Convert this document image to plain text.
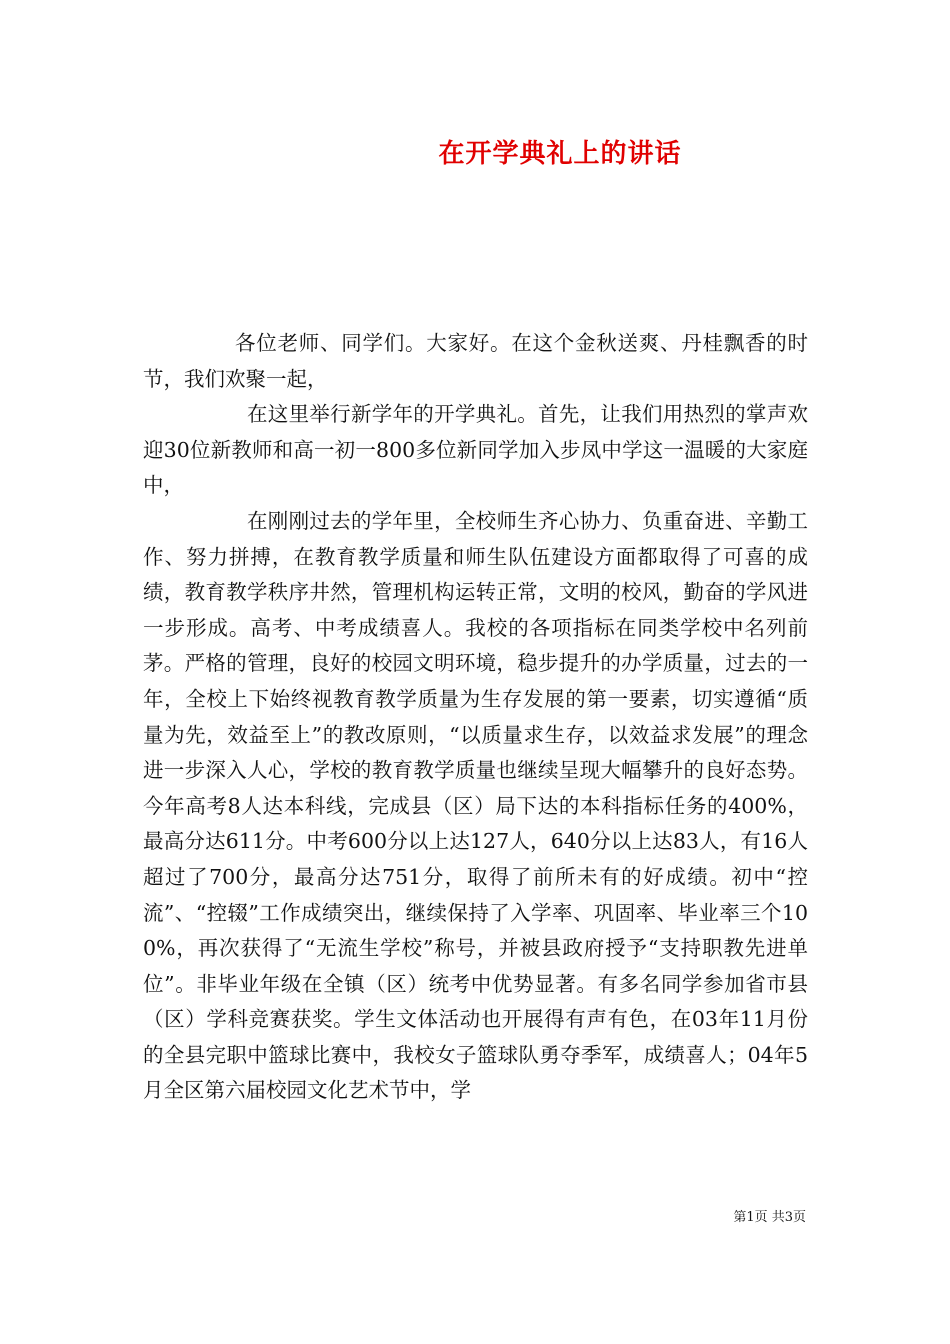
在开学典礼上的讲话

各位老师、同学们。大家好。在这个金秋送爽、丹桂飘香的时节，我们欢聚一起，

在这里举行新学年的开学典礼。首先，让我们用热烈的掌声欢迎30位新教师和高一初一800多位新同学加入步凤中学这一温暖的大家庭中，

在刚刚过去的学年里，全校师生齐心协力、负重奋进、辛勤工作、努力拼搏，在教育教学质量和师生队伍建设方面都取得了可喜的成绩，教育教学秩序井然，管理机构运转正常，文明的校风，勤奋的学风进一步形成。高考、中考成绩喜人。我校的各项指标在同类学校中名列前茅。严格的管理，良好的校园文明环境，稳步提升的办学质量，过去的一年，全校上下始终视教育教学质量为生存发展的第一要素，切实遵循“质量为先，效益至上”的教改原则，“以质量求生存，以效益求发展”的理念进一步深入人心，学校的教育教学质量也继续呈现大幅攀升的良好态势。今年高考8人达本科线，完成县（区）局下达的本科指标任务的400%，最高分达611分。中考600分以上达127人，640分以上达83人，有16人超过了700分，最高分达751分，取得了前所未有的好成绩。初中“控流”、“控辍”工作成绩突出，继续保持了入学率、巩固率、毕业率三个100%，再次获得了“无流生学校”称号，并被县政府授予“支持职教先进单位”。非毕业年级在全镇（区）统考中优势显著。有多名同学参加省市县（区）学科竞赛获奖。学生文体活动也开展得有声有色，在03年11月份的全县完职中篮球比赛中，我校女子篮球队勇夺季军，成绩喜人；04年5月全区第六届校园文化艺术节中，学

第1页 共3页
